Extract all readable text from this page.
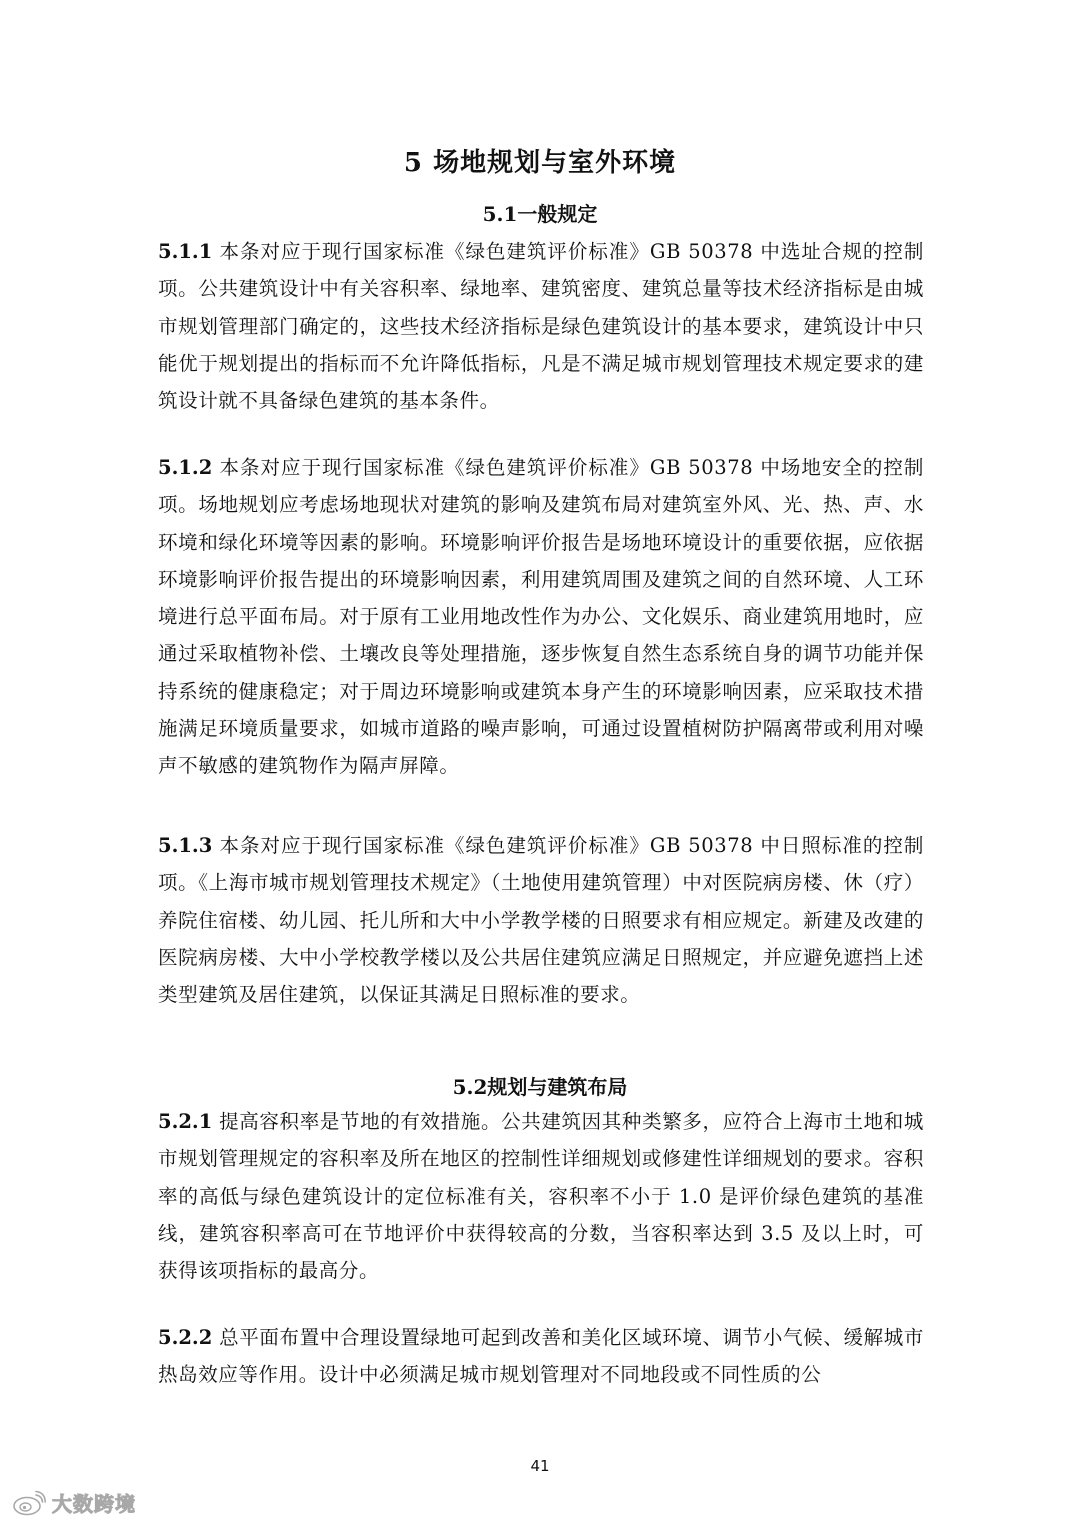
5 场地规划与室外环境
5.1一般规定
5.1.1 本条对应于现行国家标准《绿色建筑评价标准》GB 50378 中选址合规的控制项。公共建筑设计中有关容积率、绿地率、建筑密度、建筑总量等技术经济指标是由城市规划管理部门确定的，这些技术经济指标是绿色建筑设计的基本要求，建筑设计中只能优于规划提出的指标而不允许降低指标，凡是不满足城市规划管理技术规定要求的建筑设计就不具备绿色建筑的基本条件。
5.1.2 本条对应于现行国家标准《绿色建筑评价标准》GB 50378 中场地安全的控制项。场地规划应考虑场地现状对建筑的影响及建筑布局对建筑室外风、光、热、声、水环境和绿化环境等因素的影响。环境影响评价报告是场地环境设计的重要依据，应依据环境影响评价报告提出的环境影响因素，利用建筑周围及建筑之间的自然环境、人工环境进行总平面布局。对于原有工业用地改性作为办公、文化娱乐、商业建筑用地时，应通过采取植物补偿、土壤改良等处理措施，逐步恢复自然生态系统自身的调节功能并保持系统的健康稳定；对于周边环境影响或建筑本身产生的环境影响因素，应采取技术措施满足环境质量要求，如城市道路的噪声影响，可通过设置植树防护隔离带或利用对噪声不敏感的建筑物作为隔声屏障。
5.1.3 本条对应于现行国家标准《绿色建筑评价标准》GB 50378 中日照标准的控制项。《上海市城市规划管理技术规定》（土地使用建筑管理）中对医院病房楼、休（疗）养院住宿楼、幼儿园、托儿所和大中小学教学楼的日照要求有相应规定。新建及改建的医院病房楼、大中小学校教学楼以及公共居住建筑应满足日照规定，并应避免遮挡上述类型建筑及居住建筑，以保证其满足日照标准的要求。
5.2规划与建筑布局
5.2.1 提高容积率是节地的有效措施。公共建筑因其种类繁多，应符合上海市土地和城市规划管理规定的容积率及所在地区的控制性详细规划或修建性详细规划的要求。容积率的高低与绿色建筑设计的定位标准有关，容积率不小于 1.0 是评价绿色建筑的基准线，建筑容积率高可在节地评价中获得较高的分数，当容积率达到 3.5 及以上时，可获得该项指标的最高分。
5.2.2 总平面布置中合理设置绿地可起到改善和美化区域环境、调节小气候、缓解城市热岛效应等作用。设计中必须满足城市规划管理对不同地段或不同性质的公
41
大数跨境
